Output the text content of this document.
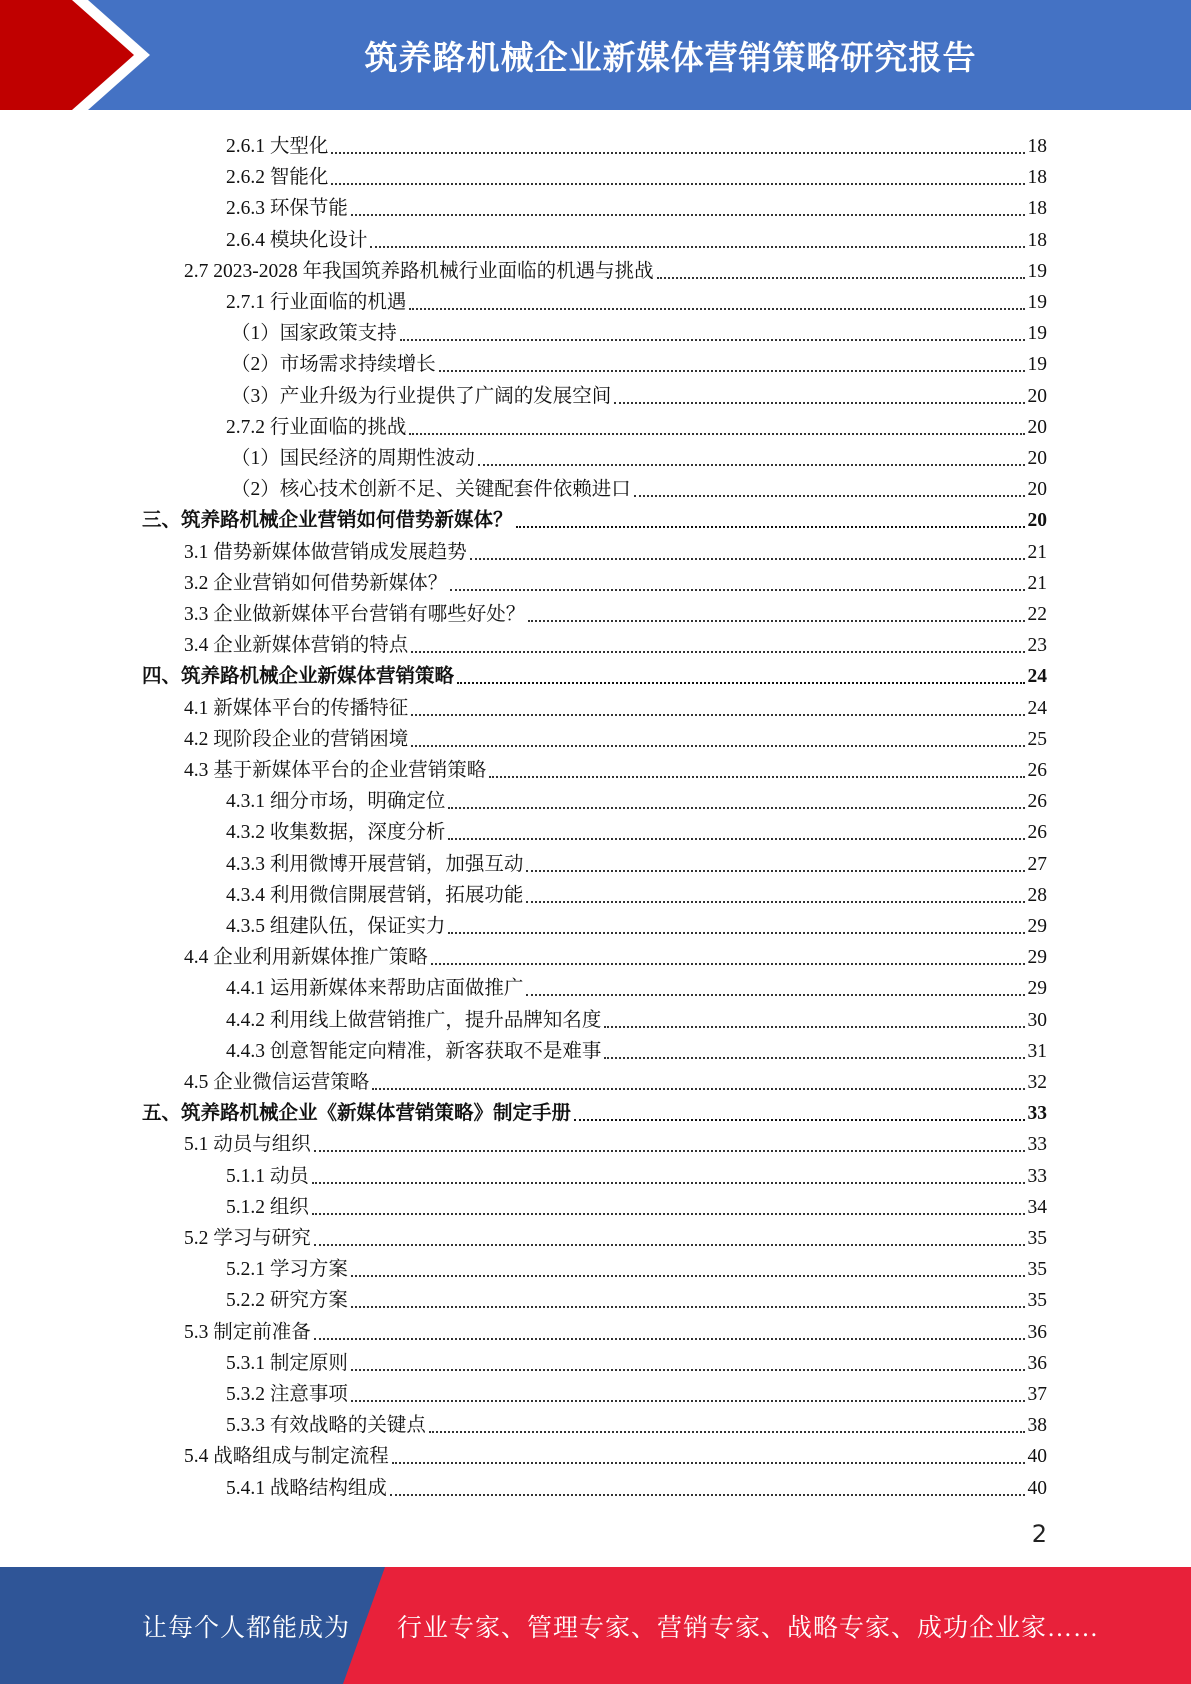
筑养路机械企业新媒体营销策略研究报告
2.6.1 大型化	18
2.6.2 智能化	18
2.6.3 环保节能	18
2.6.4 模块化设计	18
2.7 2023-2028 年我国筑养路机械行业面临的机遇与挑战	19
2.7.1 行业面临的机遇	19
（1）国家政策支持	19
（2）市场需求持续增长	19
（3）产业升级为行业提供了广阔的发展空间	20
2.7.2 行业面临的挑战	20
（1）国民经济的周期性波动	20
（2）核心技术创新不足、关键配套件依赖进口	20
三、筑养路机械企业营销如何借势新媒体？	20
3.1 借势新媒体做营销成发展趋势	21
3.2 企业营销如何借势新媒体？	21
3.3 企业做新媒体平台营销有哪些好处？	22
3.4 企业新媒体营销的特点	23
四、筑养路机械企业新媒体营销策略	24
4.1 新媒体平台的传播特征	24
4.2 现阶段企业的营销困境	25
4.3 基于新媒体平台的企业营销策略	26
4.3.1 细分市场，明确定位	26
4.3.2 收集数据，深度分析	26
4.3.3 利用微博开展营销，加强互动	27
4.3.4 利用微信開展营销，拓展功能	28
4.3.5 组建队伍，保证实力	29
4.4 企业利用新媒体推广策略	29
4.4.1 运用新媒体来帮助店面做推广	29
4.4.2 利用线上做营销推广，提升品牌知名度	30
4.4.3 创意智能定向精准，新客获取不是难事	31
4.5 企业微信运营策略	32
五、筑养路机械企业《新媒体营销策略》制定手册	33
5.1 动员与组织	33
5.1.1 动员	33
5.1.2 组织	34
5.2 学习与研究	35
5.2.1 学习方案	35
5.2.2 研究方案	35
5.3 制定前准备	36
5.3.1 制定原则	36
5.3.2 注意事项	37
5.3.3 有效战略的关键点	38
5.4 战略组成与制定流程	40
5.4.1 战略结构组成	40
2
让每个人都能成为 行业专家、管理专家、营销专家、战略专家、成功企业家……
